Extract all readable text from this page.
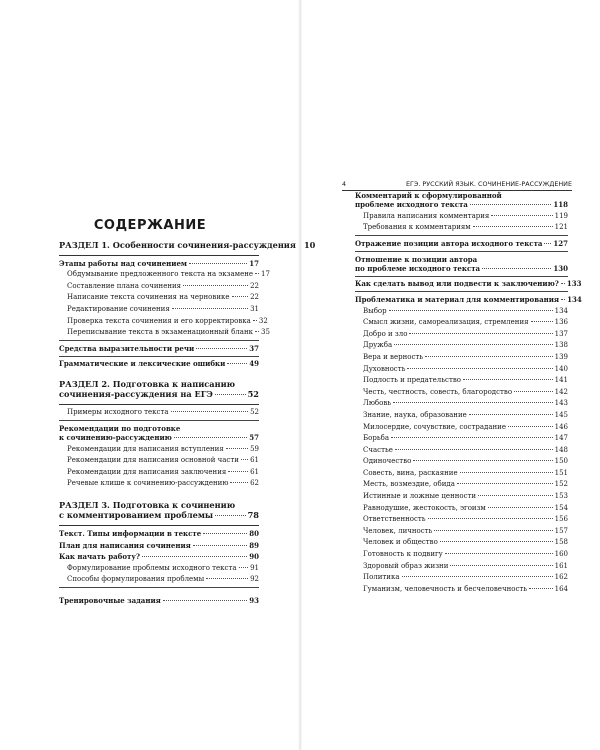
СОДЕРЖАНИЕ
РАЗДЕЛ 1. Особенности сочинения-рассуждения 10
Этапы работы над сочинением	17
Обдумывание предложенного текста на экзамене 17
Составление плана сочинения	22
Написание текста сочинения на черновике	22
Редактирование сочинения	31
Проверка текста сочинения и его корректировка 32
Переписывание текста в экзаменационный бланк 35
Средства выразительности речи	37
Грамматические и лексические ошибки	49
РАЗДЕЛ 2. Подготовка к написанию
сочинения-рассуждения на ЕГЭ	52
Примеры исходного текста	52
Рекомендации по подготовке
к сочинению-рассуждению	57
Рекомендации для написания вступления	59
Рекомендации для написания основной части 61
Рекомендации для написания заключения	61
Речевые клише к сочинению-рассуждению	62
РАЗДЕЛ 3. Подготовка к сочинению
с комментированием проблемы	78
Текст. Типы информации в тексте	80
План для написания сочинения	89
Как начать работу?	90
Формулирование проблемы исходного текста 91
Способы формулирования проблемы	92
Тренировочные задания	93
4	ЕГЭ. РУССКИЙ ЯЗЫК. СОЧИНЕНИЕ-РАССУЖДЕНИЕ
Комментарий к сформулированной
проблеме исходного текста	118
Правила написания комментария	119
Требования к комментариям	121
Отражение позиции автора исходного текста 127
Отношение к позиции автора
по проблеме исходного текста	130
Как сделать вывод или подвести к заключению? 133
Проблематика и материал для комментирования 134
Выбор	134
Смысл жизни, самореализация, стремления	136
Добро и зло	137
Дружба	138
Вера и верность	139
Духовность	140
Подлость и предательство	141
Честь, честность, совесть, благородство	142
Любовь	143
Знание, наука, образование	145
Милосердие, сочувствие, сострадание	146
Борьба	147
Счастье	148
Одиночество	150
Совесть, вина, раскаяние	151
Месть, возмездие, обида	152
Истинные и ложные ценности	153
Равнодушие, жестокость, эгоизм	154
Ответственность	156
Человек, личность	157
Человек и общество	158
Готовность к подвигу	160
Здоровый образ жизни	161
Политика	162
Гуманизм, человечность и бесчеловечность	164
